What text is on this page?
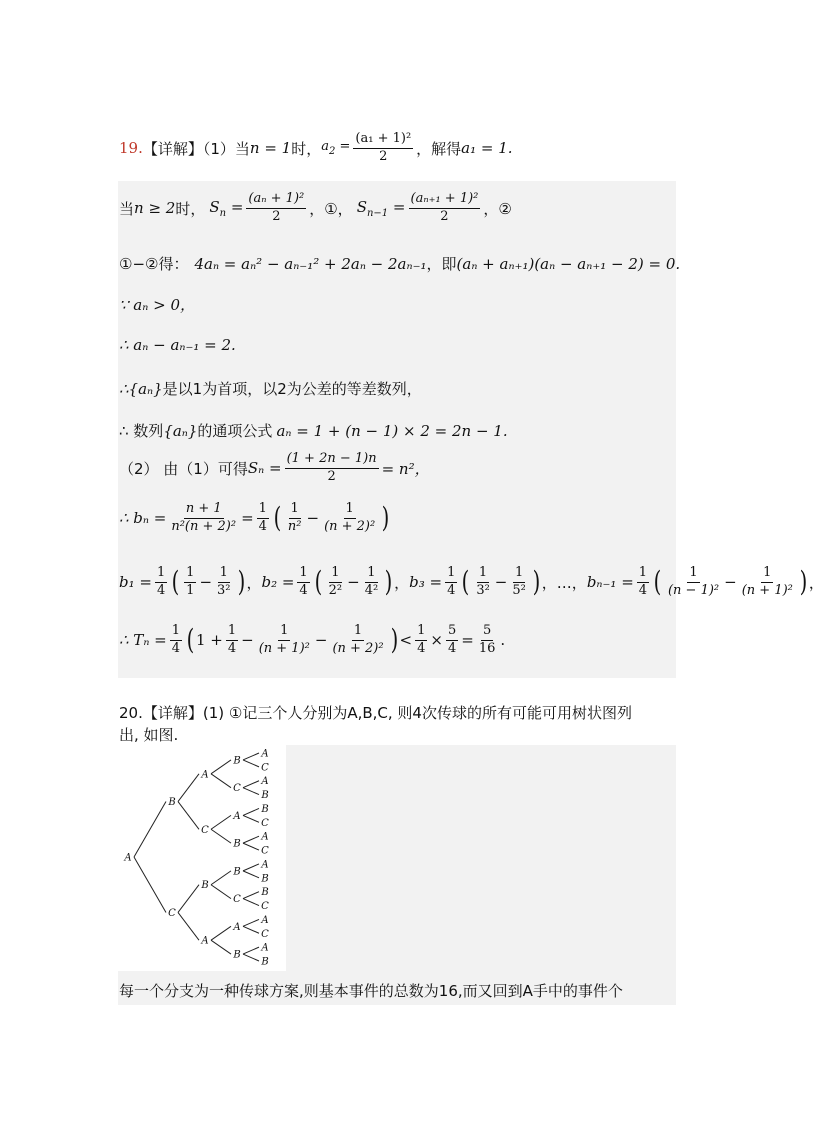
19. 【详解】（1）当 n = 1 时， $a_2 = \frac{\text{(a₁ + 1)²}}{2}$ ，解得 a₁ = 1.
当 n ≥ 2 时， $S_n = \frac{\text{(aₙ + 1)²}}{2}$ ，①， $S_{n-1} = \frac{\text{(aₙ₊₁ + 1)²}}{2}$ ，②
①−②得： 4aₙ = aₙ² − aₙ₋₁² + 2aₙ − 2aₙ₋₁ ，即 (aₙ + aₙ₊₁)(aₙ − aₙ₊₁ − 2) = 0.
∵ aₙ > 0，
∴ aₙ − aₙ₋₁ = 2.
∴{aₙ} 是以1为首项，以2为公差的等差数列，
∴ 数列 {aₙ} 的通项公式 aₙ = 1 + (n − 1) × 2 = 2n − 1.
（2） 由（1）可得 $S_n = \frac{(1 + 2n - 1)n}{2} = n^2$，
∴ $b_n = \frac{n + 1}{\text{n²(n + 2)²}} = \frac{1}{4}$ ( $\frac{1}{\text{n²}} - \frac{1}{\text{(n + 2)²}}$ )
$b_1 = \frac{1}{4}$ ( $\frac{1}{1} - \frac{1}{\text{3²}}$ ) ， $b_2 = \frac{1}{4}$ ( $\frac{1}{\text{2²}} - \frac{1}{\text{4²}}$ ) ， $b_3 = \frac{1}{4}$ ( $\frac{1}{\text{3²}} - \frac{1}{\text{5²}}$ ) ，…， $b_{n-1} = \frac{1}{4}$ ( $\frac{1}{\text{(n − 1)²}} - \frac{1}{\text{(n + 1)²}}$ ) ，
∴ $T_n = \frac{1}{4}$ ( $1 + \frac{1}{4} - \frac{1}{\text{(n + 1)²}} - \frac{1}{\text{(n + 2)²}}$ ) < $\frac{1}{4} \times \frac{5}{4} = \frac{5}{16}$ .
20.【详解】(1) ①记三个人分别为A,B,C, 则4次传球的所有可能可用树状图列
出, 如图.
A
B
C
A
C
B
A
B
C
A
B
B
C
A
B
A
C
A
B
B
C
A
C
A
B
B
C
A
C
A
B
每一个分支为一种传球方案,则基本事件的总数为16,而又回到A手中的事件个
